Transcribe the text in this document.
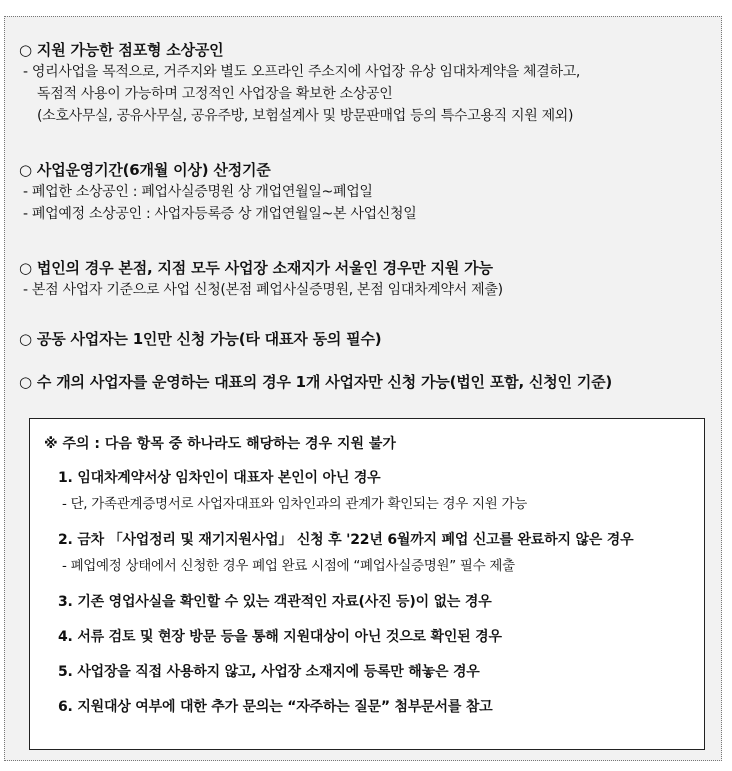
○ 지원 가능한 점포형 소상공인
- 영리사업을 목적으로, 거주지와 별도 오프라인 주소지에 사업장 유상 임대차계약을 체결하고,
독점적 사용이 가능하며 고정적인 사업장을 확보한 소상공인
(소호사무실, 공유사무실, 공유주방, 보험설계사 및 방문판매업 등의 특수고용직 지원 제외)
○ 사업운영기간(6개월 이상) 산정기준
- 폐업한 소상공인 : 폐업사실증명원 상 개업연월일~폐업일
- 폐업예정 소상공인 : 사업자등록증 상 개업연월일~본 사업신청일
○ 법인의 경우 본점, 지점 모두 사업장 소재지가 서울인 경우만 지원 가능
- 본점 사업자 기준으로 사업 신청(본점 폐업사실증명원, 본점 임대차계약서 제출)
○ 공동 사업자는 1인만 신청 가능(타 대표자 동의 필수)
○ 수 개의 사업자를 운영하는 대표의 경우 1개 사업자만 신청 가능(법인 포함, 신청인 기준)
※ 주의 : 다음 항목 중 하나라도 해당하는 경우 지원 불가
1. 임대차계약서상 임차인이 대표자 본인이 아닌 경우
- 단, 가족관계증명서로 사업자대표와 임차인과의 관계가 확인되는 경우 지원 가능
2. 금차 「사업정리 및 재기지원사업」 신청 후 '22년 6월까지 폐업 신고를 완료하지 않은 경우
- 폐업예정 상태에서 신청한 경우 폐업 완료 시점에 “폐업사실증명원” 필수 제출
3. 기존 영업사실을 확인할 수 있는 객관적인 자료(사진 등)이 없는 경우
4. 서류 검토 및 현장 방문 등을 통해 지원대상이 아닌 것으로 확인된 경우
5. 사업장을 직접 사용하지 않고, 사업장 소재지에 등록만 해놓은 경우
6. 지원대상 여부에 대한 추가 문의는 “자주하는 질문” 첨부문서를 참고
